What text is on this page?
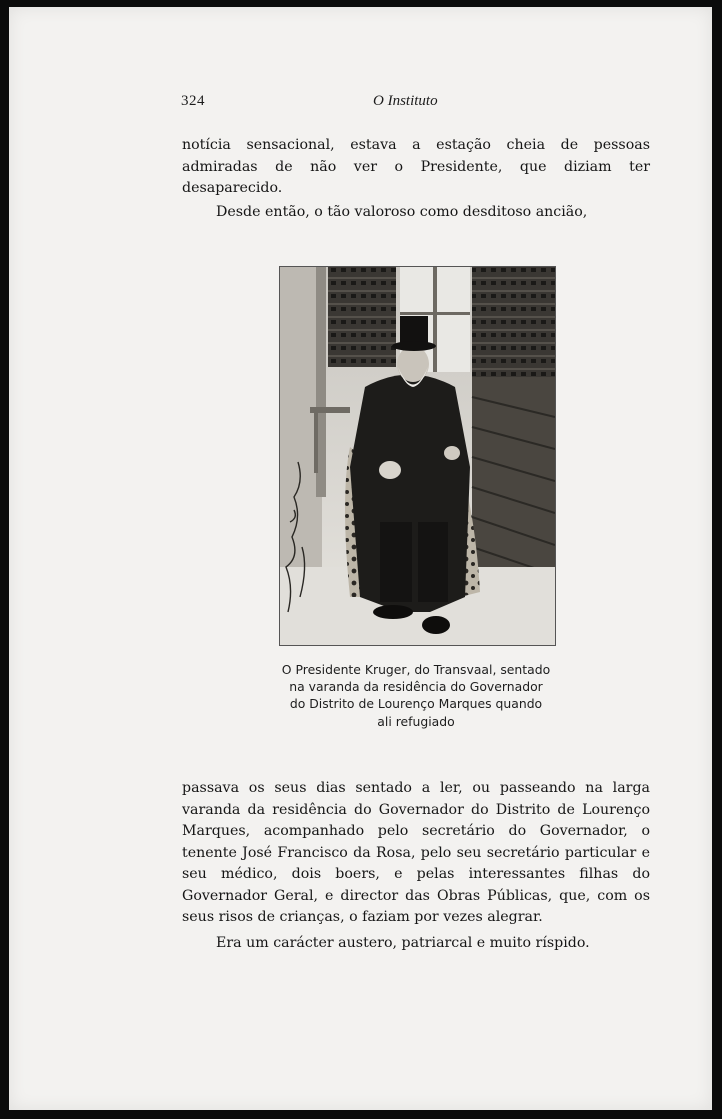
324	O Instituto

notícia sensacional, estava a estação cheia de pessoas admiradas de não ver o Presidente, que diziam ter desaparecido.

Desde então, o tão valoroso como desditoso ancião,

O Presidente Kruger, do Transvaal, sentado
na varanda da residência do Governador
do Distrito de Lourenço Marques quando
ali refugiado

passava os seus dias sentado a ler, ou passeando na larga varanda da residência do Governador do Distrito de Lourenço Marques, acompanhado pelo secretário do Governador, o tenente José Francisco da Rosa, pelo seu secretário particular e seu médico, dois boers, e pelas interessantes filhas do Governador Geral, e director das Obras Públicas, que, com os seus risos de crianças, o faziam por vezes alegrar.

Era um carácter austero, patriarcal e muito ríspido.
